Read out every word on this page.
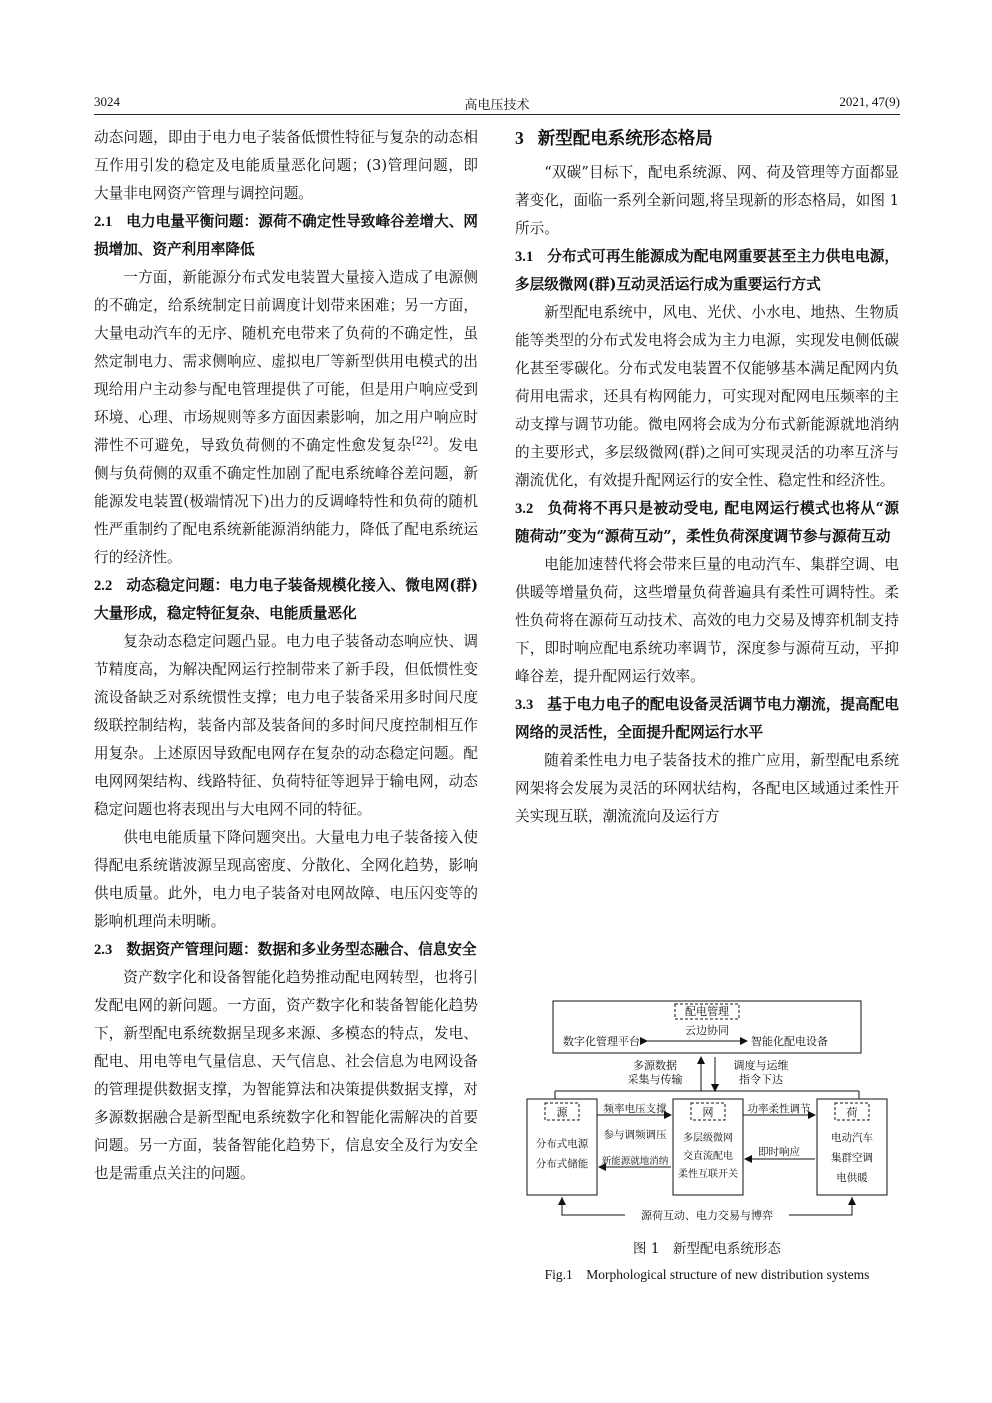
3024	高电压技术	2021, 47(9)

动态问题，即由于电力电子装备低惯性特征与复杂的动态相互作用引发的稳定及电能质量恶化问题；(3)管理问题，即大量非电网资产管理与调控问题。

2.1 电力电量平衡问题：源荷不确定性导致峰谷差增大、网损增加、资产利用率降低

一方面，新能源分布式发电装置大量接入造成了电源侧的不确定，给系统制定日前调度计划带来困难；另一方面，大量电动汽车的无序、随机充电带来了负荷的不确定性，虽然定制电力、需求侧响应、虚拟电厂等新型供用电模式的出现给用户主动参与配电管理提供了可能，但是用户响应受到环境、心理、市场规则等多方面因素影响，加之用户响应时滞性不可避免，导致负荷侧的不确定性愈发复杂[22]。发电侧与负荷侧的双重不确定性加剧了配电系统峰谷差问题，新能源发电装置(极端情况下)出力的反调峰特性和负荷的随机性严重制约了配电系统新能源消纳能力，降低了配电系统运行的经济性。

2.2 动态稳定问题：电力电子装备规模化接入、微电网(群)大量形成，稳定特征复杂、电能质量恶化

复杂动态稳定问题凸显。电力电子装备动态响应快、调节精度高，为解决配网运行控制带来了新手段，但低惯性变流设备缺乏对系统惯性支撑；电力电子装备采用多时间尺度级联控制结构，装备内部及装备间的多时间尺度控制相互作用复杂。上述原因导致配电网存在复杂的动态稳定问题。配电网网架结构、线路特征、负荷特征等迥异于输电网，动态稳定问题也将表现出与大电网不同的特征。

供电电能质量下降问题突出。大量电力电子装备接入使得配电系统谐波源呈现高密度、分散化、全网化趋势，影响供电质量。此外，电力电子装备对电网故障、电压闪变等的影响机理尚未明晰。

2.3 数据资产管理问题：数据和多业务型态融合、信息安全

资产数字化和设备智能化趋势推动配电网转型，也将引发配电网的新问题。一方面，资产数字化和装备智能化趋势下，新型配电系统数据呈现多来源、多模态的特点，发电、配电、用电等电气量信息、天气信息、社会信息为电网设备的管理提供数据支撑，为智能算法和决策提供数据支撑，对多源数据融合是新型配电系统数字化和智能化需解决的首要问题。另一方面，装备智能化趋势下，信息安全及行为安全也是需重点关注的问题。

3 新型配电系统形态格局

“双碳”目标下，配电系统源、网、荷及管理等方面都显著变化，面临一系列全新问题,将呈现新的形态格局，如图 1 所示。

3.1 分布式可再生能源成为配电网重要甚至主力供电电源，多层级微网(群)互动灵活运行成为重要运行方式

新型配电系统中，风电、光伏、小水电、地热、生物质能等类型的分布式发电将会成为主力电源，实现发电侧低碳化甚至零碳化。分布式发电装置不仅能够基本满足配网内负荷用电需求，还具有构网能力，可实现对配网电压频率的主动支撑与调节功能。微电网将会成为分布式新能源就地消纳的主要形式，多层级微网(群)之间可实现灵活的功率互济与潮流优化，有效提升配网运行的安全性、稳定性和经济性。

3.2 负荷将不再只是被动受电, 配电网运行模式也将从“源随荷动”变为“源荷互动”，柔性负荷深度调节参与源荷互动

电能加速替代将会带来巨量的电动汽车、集群空调、电供暖等增量负荷，这些增量负荷普遍具有柔性可调特性。柔性负荷将在源荷互动技术、高效的电力交易及博弈机制支持下，即时响应配电系统功率调节，深度参与源荷互动，平抑峰谷差，提升配网运行效率。

3.3 基于电力电子的配电设备灵活调节电力潮流，提高配电网络的灵活性，全面提升配网运行水平

随着柔性电力电子装备技术的推广应用，新型配电系统网架将会发展为灵活的环网状结构，各配电区域通过柔性开关实现互联，潮流流向及运行方

配电管理
云边协同
数字化管理平台	智能化配电设备
多源数据
采集与传输
调度与运维
指令下达
源
分布式电源
分布式储能
频率电压支撑
参与调频调压
新能源就地消纳
网
多层级微网
交直流配电
柔性互联开关
功率柔性调节
即时响应
荷
电动汽车
集群空调
电供暖
源荷互动、电力交易与博弈
图 1　新型配电系统形态
Fig.1　Morphological structure of new distribution systems
